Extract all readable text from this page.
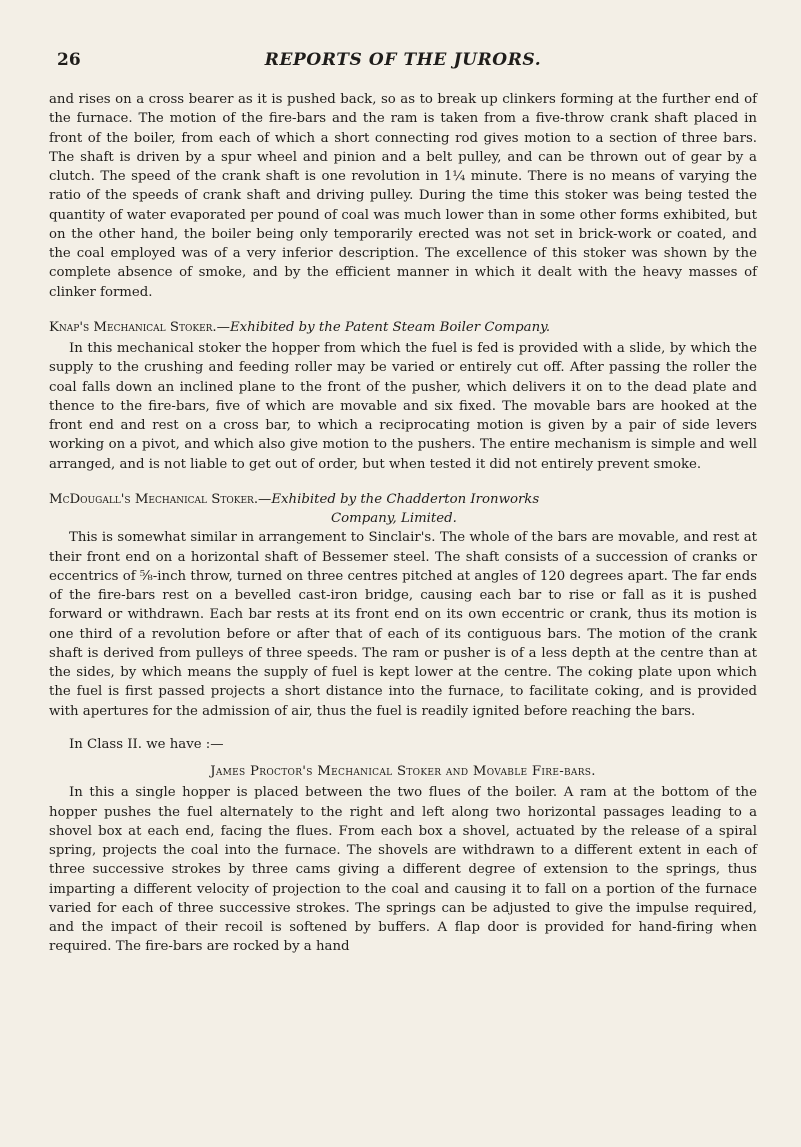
26	REPORTS OF THE JURORS.

and rises on a cross bearer as it is pushed back, so as to break up clinkers forming at the further end of the furnace. The motion of the fire-bars and the ram is taken from a five-throw crank shaft placed in front of the boiler, from each of which a short connecting rod gives motion to a section of three bars. The shaft is driven by a spur wheel and pinion and a belt pulley, and can be thrown out of gear by a clutch. The speed of the crank shaft is one revolution in 1¼ minute. There is no means of varying the ratio of the speeds of crank shaft and driving pulley. During the time this stoker was being tested the quantity of water evaporated per pound of coal was much lower than in some other forms exhibited, but on the other hand, the boiler being only temporarily erected was not set in brick-work or coated, and the coal employed was of a very inferior description. The excellence of this stoker was shown by the complete absence of smoke, and by the efficient manner in which it dealt with the heavy masses of clinker formed.

Knap's Mechanical Stoker.—Exhibited by the Patent Steam Boiler Company.

In this mechanical stoker the hopper from which the fuel is fed is provided with a slide, by which the supply to the crushing and feeding roller may be varied or entirely cut off. After passing the roller the coal falls down an inclined plane to the front of the pusher, which delivers it on to the dead plate and thence to the fire-bars, five of which are movable and six fixed. The movable bars are hooked at the front end and rest on a cross bar, to which a reciprocating motion is given by a pair of side levers working on a pivot, and which also give motion to the pushers. The entire mechanism is simple and well arranged, and is not liable to get out of order, but when tested it did not entirely prevent smoke.

McDougall's Mechanical Stoker.—Exhibited by the Chadderton Ironworks
Company, Limited.

This is somewhat similar in arrangement to Sinclair's. The whole of the bars are movable, and rest at their front end on a horizontal shaft of Bessemer steel. The shaft consists of a succession of cranks or eccentrics of ⅝-inch throw, turned on three centres pitched at angles of 120 degrees apart. The far ends of the fire-bars rest on a bevelled cast-iron bridge, causing each bar to rise or fall as it is pushed forward or withdrawn. Each bar rests at its front end on its own eccentric or crank, thus its motion is one third of a revolution before or after that of each of its contiguous bars. The motion of the crank shaft is derived from pulleys of three speeds. The ram or pusher is of a less depth at the centre than at the sides, by which means the supply of fuel is kept lower at the centre. The coking plate upon which the fuel is first passed projects a short distance into the furnace, to facilitate coking, and is provided with apertures for the admission of air, thus the fuel is readily ignited before reaching the bars.

In Class II. we have :—

James Proctor's Mechanical Stoker and Movable Fire-bars.

In this a single hopper is placed between the two flues of the boiler. A ram at the bottom of the hopper pushes the fuel alternately to the right and left along two horizontal passages leading to a shovel box at each end, facing the flues. From each box a shovel, actuated by the release of a spiral spring, projects the coal into the furnace. The shovels are withdrawn to a different extent in each of three successive strokes by three cams giving a different degree of extension to the springs, thus imparting a different velocity of projection to the coal and causing it to fall on a portion of the furnace varied for each of three successive strokes. The springs can be adjusted to give the impulse required, and the impact of their recoil is softened by buffers. A flap door is provided for hand-firing when required. The fire-bars are rocked by a hand
